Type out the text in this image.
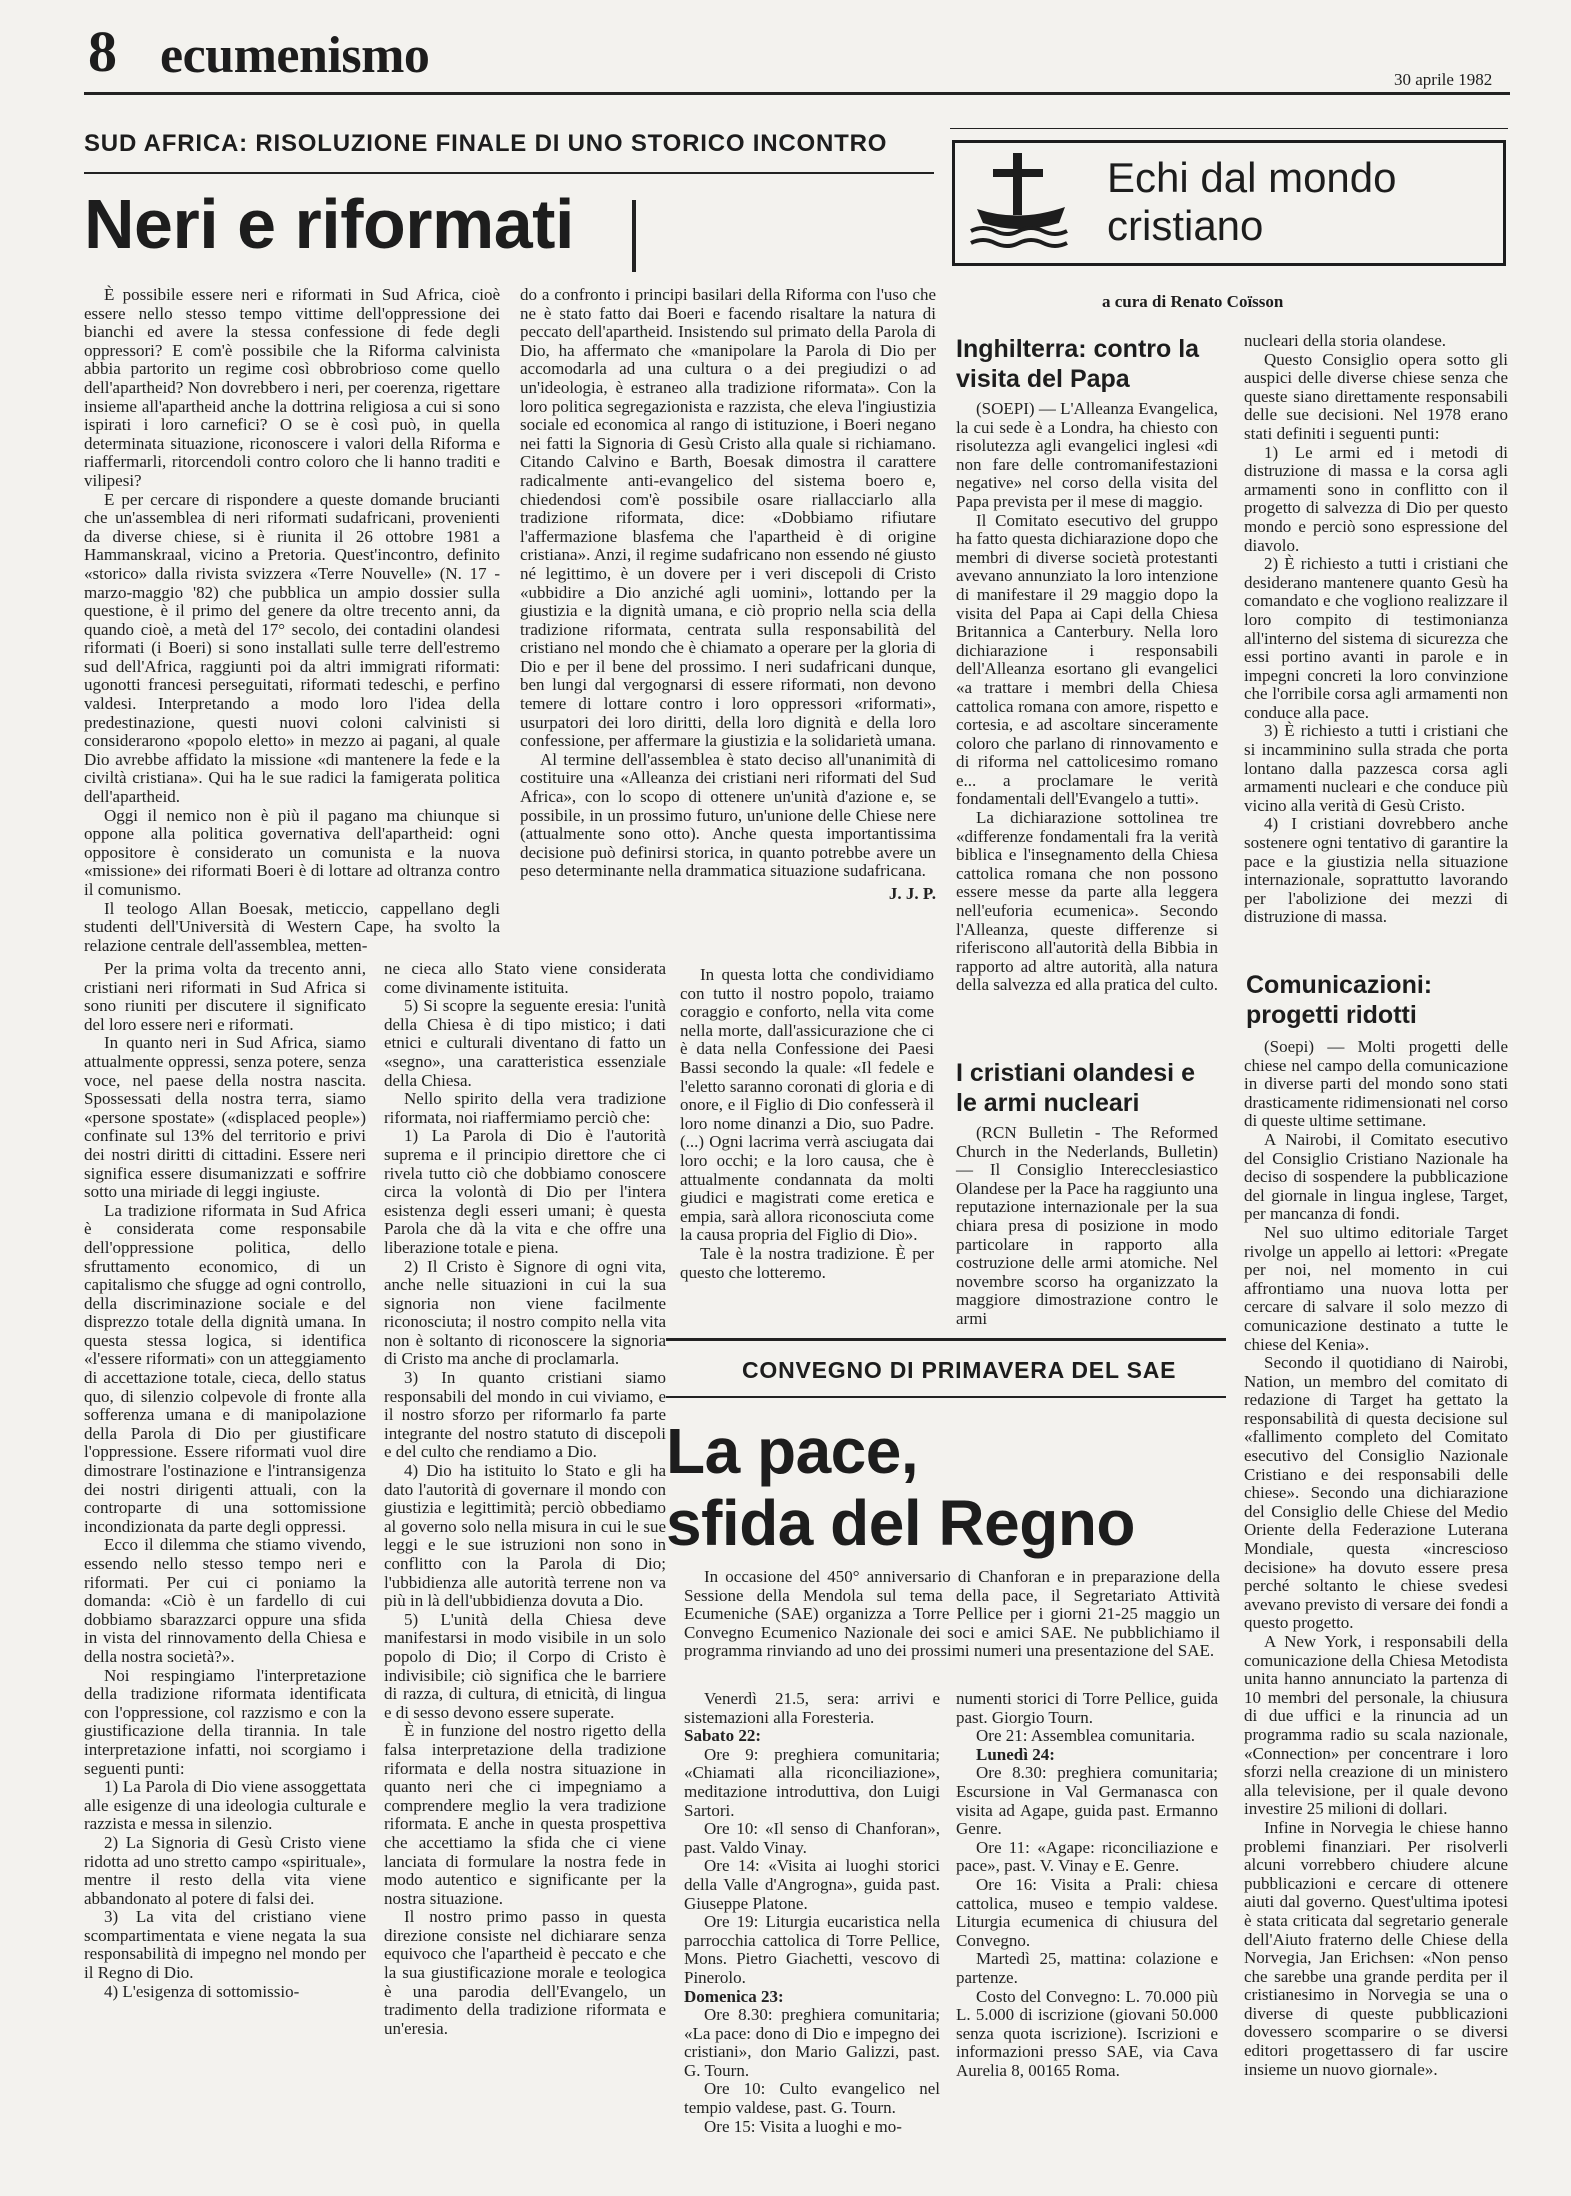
8 ecumenismo	30 aprile 1982
SUD AFRICA: RISOLUZIONE FINALE DI UNO STORICO INCONTRO
Neri e riformati
Echi dal mondo
cristiano
a cura di Renato Coïsson

È possibile essere neri e riformati in Sud Africa, cioè essere nello stesso tempo vittime dell'oppressione dei bianchi ed avere la stessa confessione di fede degli oppressori? E com'è possibile che la Riforma calvinista abbia partorito un regime così obbrobrioso come quello dell'apartheid? Non dovrebbero i neri, per coerenza, rigettare insieme all'apartheid anche la dottrina religiosa a cui si sono ispirati i loro carnefici? O se è così può, in quella determinata situazione, riconoscere i valori della Riforma e riaffermarli, ritorcendoli contro coloro che li hanno traditi e vilipesi?

E per cercare di rispondere a queste domande brucianti che un'assemblea di neri riformati sudafricani, provenienti da diverse chiese, si è riunita il 26 ottobre 1981 a Hammanskraal, vicino a Pretoria. Quest'incontro, definito «storico» dalla rivista svizzera «Terre Nouvelle» (N. 17 - marzo-maggio '82) che pubblica un ampio dossier sulla questione, è il primo del genere da oltre trecento anni, da quando cioè, a metà del 17° secolo, dei contadini olandesi riformati (i Boeri) si sono installati sulle terre dell'estremo sud dell'Africa, raggiunti poi da altri immigrati riformati: ugonotti francesi perseguitati, riformati tedeschi, e perfino valdesi. Interpretando a modo loro l'idea della predestinazione, questi nuovi coloni calvinisti si considerarono «popolo eletto» in mezzo ai pagani, al quale Dio avrebbe affidato la missione «di mantenere la fede e la civiltà cristiana». Qui ha le sue radici la famigerata politica dell'apartheid.

Oggi il nemico non è più il pagano ma chiunque si oppone alla politica governativa dell'apartheid: ogni oppositore è considerato un comunista e la nuova «missione» dei riformati Boeri è di lottare ad oltranza contro il comunismo.

Il teologo Allan Boesak, meticcio, cappellano degli studenti dell'Università di Western Cape, ha svolto la relazione centrale dell'assemblea, metten-

do a confronto i principi basilari della Riforma con l'uso che ne è stato fatto dai Boeri e facendo risaltare la natura di peccato dell'apartheid. Insistendo sul primato della Parola di Dio, ha affermato che «manipolare la Parola di Dio per accomodarla ad una cultura o a dei pregiudizi o ad un'ideologia, è estraneo alla tradizione riformata». Con la loro politica segregazionista e razzista, che eleva l'ingiustizia sociale ed economica al rango di istituzione, i Boeri negano nei fatti la Signoria di Gesù Cristo alla quale si richiamano. Citando Calvino e Barth, Boesak dimostra il carattere radicalmente anti-evangelico del sistema boero e, chiedendosi com'è possibile osare riallacciarlo alla tradizione riformata, dice: «Dobbiamo rifiutare l'affermazione blasfema che l'apartheid è di origine cristiana». Anzi, il regime sudafricano non essendo né giusto né legittimo, è un dovere per i veri discepoli di Cristo «ubbidire a Dio anziché agli uomini», lottando per la giustizia e la dignità umana, e ciò proprio nella scia della tradizione riformata, centrata sulla responsabilità del cristiano nel mondo che è chiamato a operare per la gloria di Dio e per il bene del prossimo. I neri sudafricani dunque, ben lungi dal vergognarsi di essere riformati, non devono temere di lottare contro i loro oppressori «riformati», usurpatori dei loro diritti, della loro dignità e della loro confessione, per affermare la giustizia e la solidarietà umana.

Al termine dell'assemblea è stato deciso all'unanimità di costituire una «Alleanza dei cristiani neri riformati del Sud Africa», con lo scopo di ottenere un'unità d'azione e, se possibile, in un prossimo futuro, un'unione delle Chiese nere (attualmente sono otto). Anche questa importantissima decisione può definirsi storica, in quanto potrebbe avere un peso determinante nella drammatica situazione sudafricana.

J. J. P.

Per la prima volta da trecento anni, cristiani neri riformati in Sud Africa si sono riuniti per discutere il significato del loro essere neri e riformati.

In quanto neri in Sud Africa, siamo attualmente oppressi, senza potere, senza voce, nel paese della nostra nascita. Spossessati della nostra terra, siamo «persone spostate» («displaced people») confinate sul 13% del territorio e privi dei nostri diritti di cittadini. Essere neri significa essere disumanizzati e soffrire sotto una miriade di leggi ingiuste.

La tradizione riformata in Sud Africa è considerata come responsabile dell'oppressione politica, dello sfruttamento economico, di un capitalismo che sfugge ad ogni controllo, della discriminazione sociale e del disprezzo totale della dignità umana. In questa stessa logica, si identifica «l'essere riformati» con un atteggiamento di accettazione totale, cieca, dello status quo, di silenzio colpevole di fronte alla sofferenza umana e di manipolazione della Parola di Dio per giustificare l'oppressione. Essere riformati vuol dire dimostrare l'ostinazione e l'intransigenza dei nostri dirigenti attuali, con la contropartе di una sottomissione incondizionata da parte degli oppressi.

Ecco il dilemma che stiamo vivendo, essendo nello stesso tempo neri e riformati. Per cui ci poniamo la domanda: «Ciò è un fardello di cui dobbiamo sbarazzarci oppure una sfida in vista del rinnovamento della Chiesa e della nostra società?».

Noi respingiamo l'interpretazione della tradizione riformata identificata con l'oppressione, col razzismo e con la giustificazione della tirannia. In tale interpretazione infatti, noi scorgiamo i seguenti punti:

1) La Parola di Dio viene assoggettata alle esigenze di una ideologia culturale e razzista e messa in silenzio.

2) La Signoria di Gesù Cristo viene ridotta ad uno stretto campo «spirituale», mentre il resto della vita viene abbandonato al potere di falsi dei.

3) La vita del cristiano viene scompartimentata e viene negata la sua responsabilità di impegno nel mondo per il Regno di Dio.

4) L'esigenza di sottomissio-

ne cieca allo Stato viene considerata come divinamente istituita.

5) Si scopre la seguente eresia: l'unità della Chiesa è di tipo mistico; i dati etnici e culturali diventano di fatto un «segno», una caratteristica essenziale della Chiesa.

Nello spirito della vera tradizione riformata, noi riaffermiamo perciò che:

1) La Parola di Dio è l'autorità suprema e il principio direttore che ci rivela tutto ciò che dobbiamo conoscere circa la volontà di Dio per l'intera esistenza degli esseri umani; è questa Parola che dà la vita e che offre una liberazione totale e piena.

2) Il Cristo è Signore di ogni vita, anche nelle situazioni in cui la sua signoria non viene facilmente riconosciuta; il nostro compito nella vita non è soltanto di riconoscere la signoria di Cristo ma anche di proclamarla.

3) In quanto cristiani siamo responsabili del mondo in cui viviamo, e il nostro sforzo per riformarlo fa parte integrante del nostro statuto di discepoli e del culto che rendiamo a Dio.

4) Dio ha istituito lo Stato e gli ha dato l'autorità di governare il mondo con giustizia e legittimità; perciò obbediamo al governo solo nella misura in cui le sue leggi e le sue istruzioni non sono in conflitto con la Parola di Dio; l'ubbidienza alle autorità terrene non va più in là dell'ubbidienza dovuta a Dio.

5) L'unità della Chiesa deve manifestarsi in modo visibile in un solo popolo di Dio; il Corpo di Cristo è indivisibile; ciò significa che le barriere di razza, di cultura, di etnicità, di lingua e di sesso devono essere superate.

È in funzione del nostro rigetto della falsa interpretazione della tradizione riformata e della nostra situazione in quanto neri che ci impegniamo a comprendere meglio la vera tradizione riformata. E anche in questa prospettiva che accettiamo la sfida che ci viene lanciata di formulare la nostra fede in modo autentico e significante per la nostra situazione.

Il nostro primo passo in questa direzione consiste nel dichiarare senza equivoco che l'apartheid è peccato e che la sua giustificazione morale e teologica è una parodia dell'Evangelo, un tradimento della tradizione riformata e un'eresia.

In questa lotta che condividiamo con tutto il nostro popolo, traiamo coraggio e conforto, nella vita come nella morte, dall'assicurazione che ci è data nella Confessione dei Paesi Bassi secondo la quale: «Il fedele e l'eletto saranno coronati di gloria e di onore, e il Figlio di Dio confesserà il loro nome dinanzi a Dio, suo Padre. (...) Ogni lacrima verrà asciugata dai loro occhi; e la loro causa, che è attualmente condannata da molti giudici e magistrati come eretica e empia, sarà allora riconosciuta come la causa propria del Figlio di Dio».

Tale è la nostra tradizione. È per questo che lotteremo.

Inghilterra: contro la visita del Papa

(SOEPI) — L'Alleanza Evangelica, la cui sede è a Londra, ha chiesto con risolutezza agli evangelici inglesi «di non fare delle contromanifestazioni negative» nel corso della visita del Papa prevista per il mese di maggio.

Il Comitato esecutivo del gruppo ha fatto questa dichiarazione dopo che membri di diverse società protestanti avevano annunziato la loro intenzione di manifestare il 29 maggio dopo la visita del Papa ai Capi della Chiesa Britannica a Canterbury. Nella loro dichiarazione i responsabili dell'Alleanza esortano gli evangelici «a trattare i membri della Chiesa cattolica romana con amore, rispetto e cortesia, e ad ascoltare sinceramente coloro che parlano di rinnovamento e di riforma nel cattolicesimo romano e... a proclamare le verità fondamentali dell'Evangelo a tutti».

La dichiarazione sottolinea tre «differenze fondamentali fra la verità biblica e l'insegnamento della Chiesa cattolica romana che non possono essere messe da parte alla leggera nell'euforia ecumenica». Secondo l'Alleanza, queste differenze si riferiscono all'autorità della Bibbia in rapporto ad altre autorità, alla natura della salvezza ed alla pratica del culto.

I cristiani olandesi e le armi nucleari

(RCN Bulletin - The Reformed Church in the Nederlands, Bulletin) — Il Consiglio Interecclesiastico Olandese per la Pace ha raggiunto una reputazione internazionale per la sua chiara presa di posizione in modo particolare in rapporto alla costruzione delle armi atomiche. Nel novembre scorso ha organizzato la maggiore dimostrazione contro le armi

nucleari della storia olandese.

Questo Consiglio opera sotto gli auspici delle diverse chiese senza che queste siano direttamente responsabili delle sue decisioni. Nel 1978 erano stati definiti i seguenti punti:

1) Le armi ed i metodi di distruzione di massa e la corsa agli armamenti sono in conflitto con il progetto di salvezza di Dio per questo mondo e perciò sono espressione del diavolo.

2) È richiesto a tutti i cristiani che desiderano mantenere quanto Gesù ha comandato e che vogliono realizzare il loro compito di testimonianza all'interno del sistema di sicurezza che essi portino avanti in parole e in impegni concreti la loro convinzione che l'orribile corsa agli armamenti non conduce alla pace.

3) È richiesto a tutti i cristiani che si incamminino sulla strada che porta lontano dalla pazzesca corsa agli armamenti nucleari e che conduce più vicino alla verità di Gesù Cristo.

4) I cristiani dovrebbero anche sostenere ogni tentativo di garantire la pace e la giustizia nella situazione internazionale, soprattutto lavorando per l'abolizione dei mezzi di distruzione di massa.

Comunicazioni: progetti ridotti

(Soepi) — Molti progetti delle chiese nel campo della comunicazione in diverse parti del mondo sono stati drasticamente ridimensionati nel corso di queste ultime settimane.

A Nairobi, il Comitato esecutivo del Consiglio Cristiano Nazionale ha deciso di sospendere la pubblicazione del giornale in lingua inglese, Target, per mancanza di fondi.

Nel suo ultimo editoriale Target rivolge un appello ai lettori: «Pregate per noi, nel momento in cui affrontiamo una nuova lotta per cercare di salvare il solo mezzo di comunicazione destinato a tutte le chiese del Kenia».

Secondo il quotidiano di Nairobi, Nation, un membro del comitato di redazione di Target ha gettato la responsabilità di questa decisione sul «fallimento completo del Comitato esecutivo del Consiglio Nazionale Cristiano e dei responsabili delle chiese». Secondo una dichiarazione del Consiglio delle Chiese del Medio Oriente della Federazione Luterana Mondiale, questa «increscioso decisione» ha dovuto essere presa perché soltanto le chiese svedesi avevano previsto di versare dei fondi a questo progetto.

A New York, i responsabili della comunicazione della Chiesa Metodista unita hanno annunciato la partenza di 10 membri del personale, la chiusura di due uffici e la rinuncia ad un programma radio su scala nazionale, «Connection» per concentrare i loro sforzi nella creazione di un ministero alla televisione, per il quale devono investire 25 milioni di dollari.

Infine in Norvegia le chiese hanno problemi finanziari. Per risolverli alcuni vorrebbero chiudere alcune pubblicazioni e cercare di ottenere aiuti dal governo. Quest'ultima ipotesi è stata criticata dal segretario generale dell'Aiuto fraterno delle Chiese della Norvegia, Jan Erichsen: «Non penso che sarebbe una grande perdita per il cristianesimo in Norvegia se una o diverse di queste pubblicazioni dovessero scomparire o se diversi editori progettassero di far uscire insieme un nuovo giornale».

CONVEGNO DI PRIMAVERA DEL SAE
La pace,
sfida del Regno

In occasione del 450° anniversario di Chanforan e in preparazione della Sessione della Mendola sul tema della pace, il Segretariato Attività Ecumeniche (SAE) organizza a Torre Pellice per i giorni 21-25 maggio un Convegno Ecumenico Nazionale dei soci e amici SAE. Ne pubblichiamo il programma rinviando ad uno dei prossimi numeri una presentazione del SAE.

Venerdì 21.5, sera: arrivi e sistemazioni alla Foresteria.

Sabato 22:

Ore 9: preghiera comunitaria; «Chiamati alla riconciliazione», meditazione introduttiva, don Luigi Sartori.

Ore 10: «Il senso di Chanforan», past. Valdo Vinay.

Ore 14: «Visita ai luoghi storici della Valle d'Angrogna», guida past. Giuseppe Platone.

Ore 19: Liturgia eucaristica nella parrocchia cattolica di Torre Pellice, Mons. Pietro Giachetti, vescovo di Pinerolo.

Domenica 23:

Ore 8.30: preghiera comunitaria; «La pace: dono di Dio e impegno dei cristiani», don Mario Galizzi, past. G. Tourn.

Ore 10: Culto evangelico nel tempio valdese, past. G. Tourn.

Ore 15: Visita a luoghi e mo-

numenti storici di Torre Pellice, guida past. Giorgio Tourn.

Ore 21: Assemblea comunitaria.

Lunedì 24:

Ore 8.30: preghiera comunitaria; Escursione in Val Germanasca con visita ad Agape, guida past. Ermanno Genre.

Ore 11: «Agape: riconciliazione e pace», past. V. Vinay e E. Genre.

Ore 16: Visita a Prali: chiesa cattolica, museo e tempio valdese. Liturgia ecumenica di chiusura del Convegno.

Martedì 25, mattina: colazione e partenze.

Costo del Convegno: L. 70.000 più L. 5.000 di iscrizione (giovani 50.000 senza quota iscrizione). Iscrizioni e informazioni presso SAE, via Cava Aurelia 8, 00165 Roma.
